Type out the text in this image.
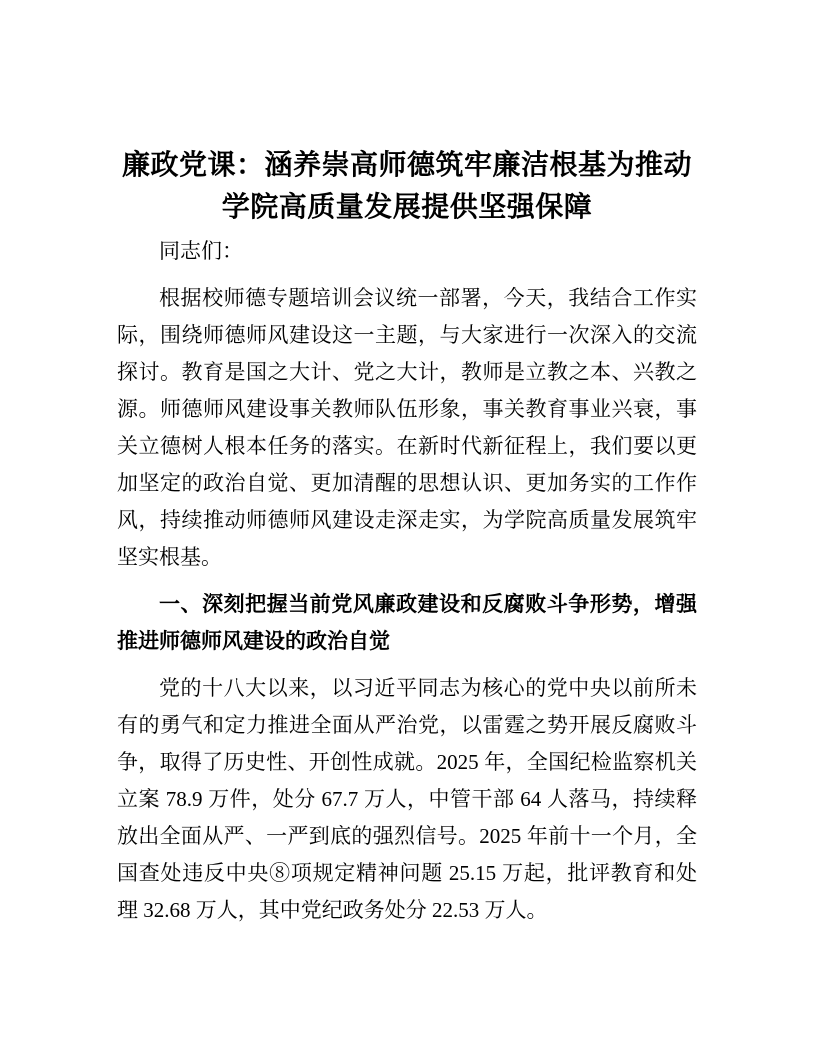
廉政党课：涵养崇高师德筑牢廉洁根基为推动
学院高质量发展提供坚强保障

同志们：

根据校师德专题培训会议统一部署，今天，我结合工作实际，围绕师德师风建设这一主题，与大家进行一次深入的交流探讨。教育是国之大计、党之大计，教师是立教之本、兴教之源。师德师风建设事关教师队伍形象，事关教育事业兴衰，事关立德树人根本任务的落实。在新时代新征程上，我们要以更加坚定的政治自觉、更加清醒的思想认识、更加务实的工作作风，持续推动师德师风建设走深走实，为学院高质量发展筑牢坚实根基。

一、深刻把握当前党风廉政建设和反腐败斗争形势，增强推进师德师风建设的政治自觉

党的十八大以来，以习近平同志为核心的党中央以前所未有的勇气和定力推进全面从严治党，以雷霆之势开展反腐败斗争，取得了历史性、开创性成就。2025 年，全国纪检监察机关立案 78.9 万件，处分 67.7 万人，中管干部 64 人落马，持续释放出全面从严、一严到底的强烈信号。2025 年前十一个月，全国查处违反中央⑧项规定精神问题 25.15 万起，批评教育和处理 32.68 万人，其中党纪政务处分 22.53 万人。
